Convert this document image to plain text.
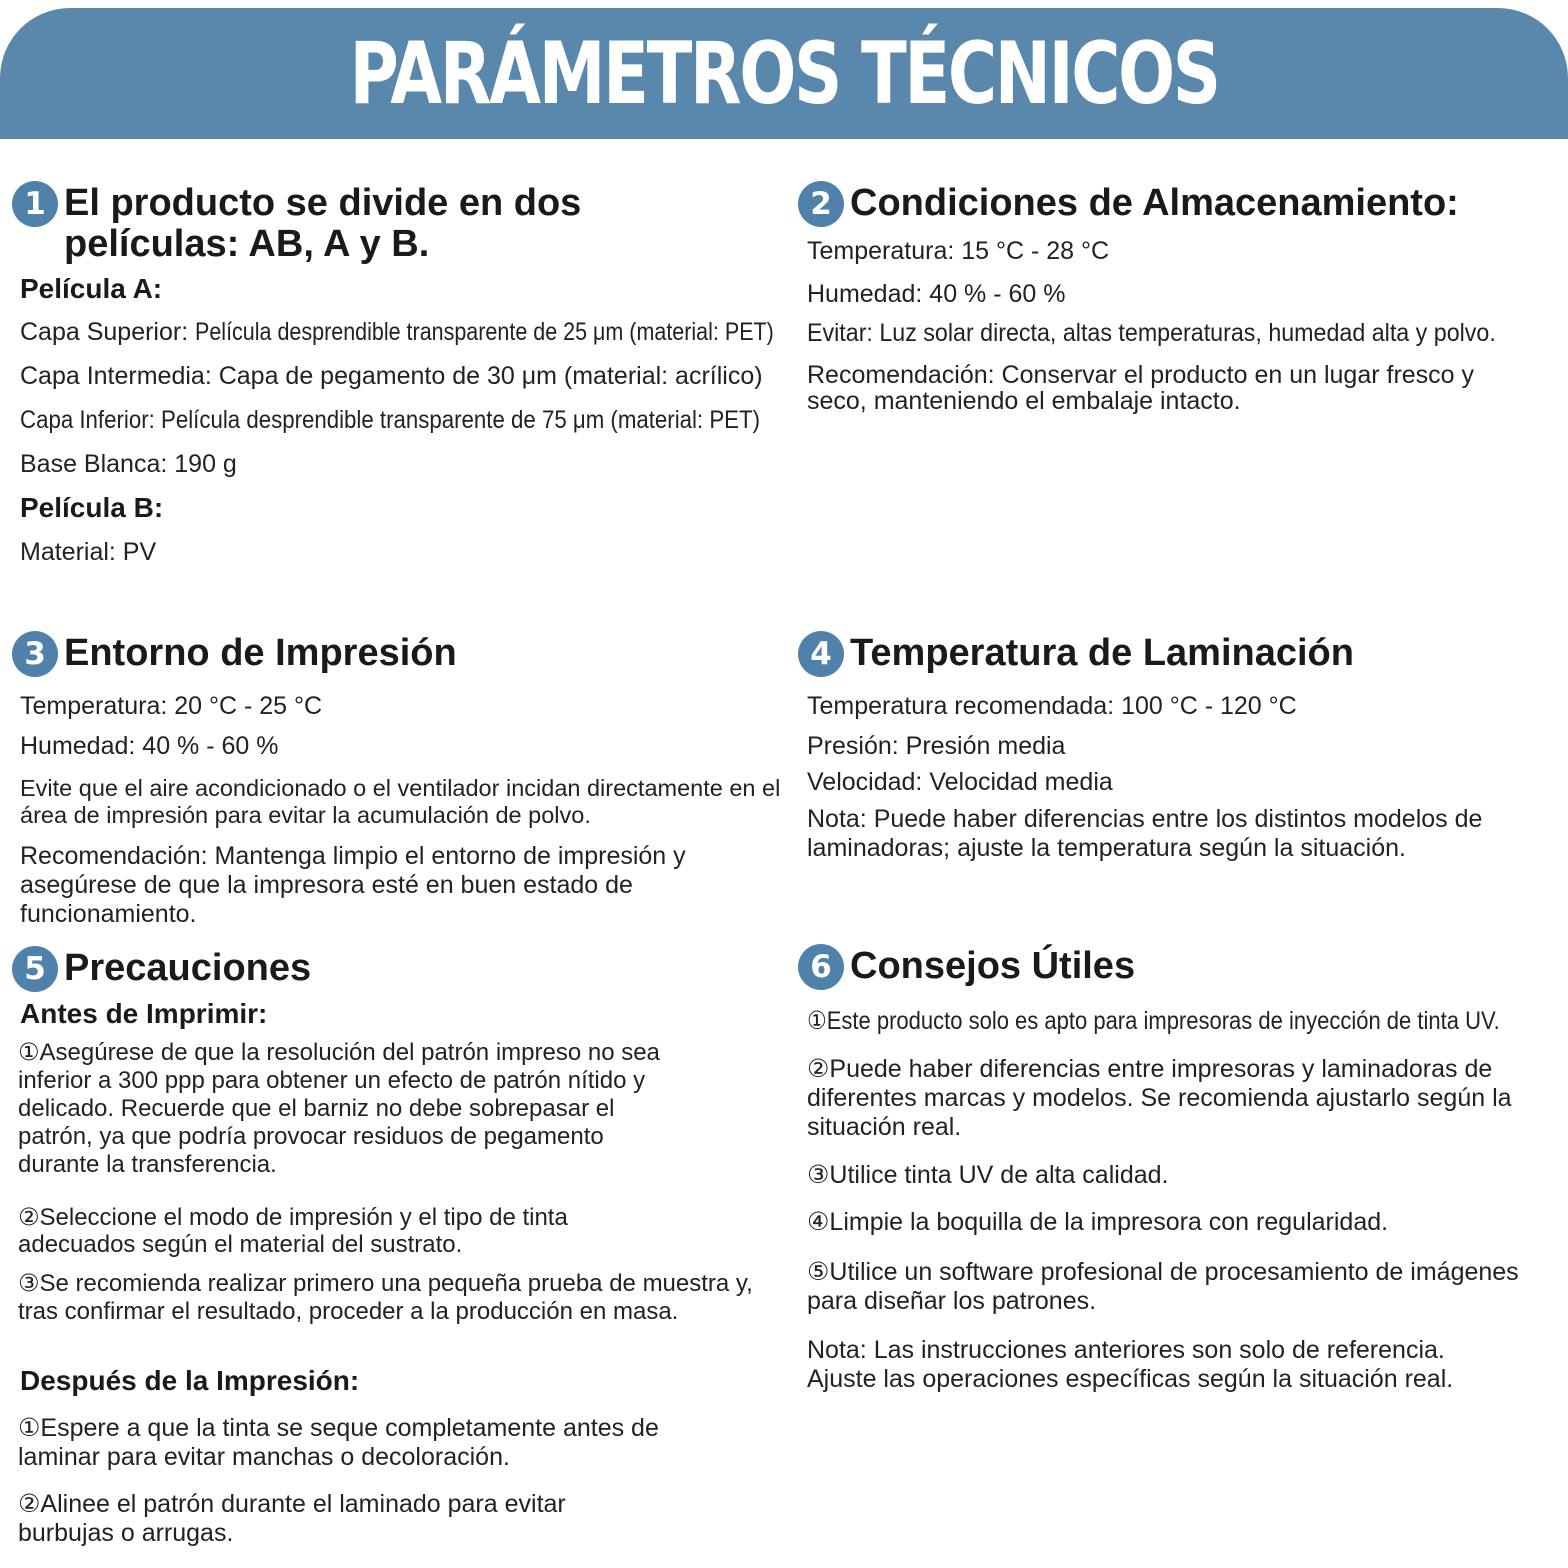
PARÁMETROS TÉCNICOS
1 El producto se divide en dos películas: AB, A y B.
Película A:
Capa Superior: Película desprendible transparente de 25 μm (material: PET)
Capa Intermedia: Capa de pegamento de 30 μm (material: acrílico)
Capa Inferior: Película desprendible transparente de 75 μm (material: PET)
Base Blanca: 190 g
Película B:
Material: PV
2 Condiciones de Almacenamiento:
Temperatura: 15 °C - 28 °C
Humedad: 40 % - 60 %
Evitar: Luz solar directa, altas temperaturas, humedad alta y polvo.
Recomendación: Conservar el producto en un lugar fresco y seco, manteniendo el embalaje intacto.
3 Entorno de Impresión
Temperatura: 20 °C - 25 °C
Humedad: 40 % - 60 %
Evite que el aire acondicionado o el ventilador incidan directamente en el área de impresión para evitar la acumulación de polvo.
Recomendación: Mantenga limpio el entorno de impresión y asegúrese de que la impresora esté en buen estado de funcionamiento.
4 Temperatura de Laminación
Temperatura recomendada: 100 °C - 120 °C
Presión: Presión media
Velocidad: Velocidad media
Nota: Puede haber diferencias entre los distintos modelos de laminadoras; ajuste la temperatura según la situación.
5 Precauciones
Antes de Imprimir:
①Asegúrese de que la resolución del patrón impreso no sea inferior a 300 ppp para obtener un efecto de patrón nítido y delicado. Recuerde que el barniz no debe sobrepasar el patrón, ya que podría provocar residuos de pegamento durante la transferencia.
②Seleccione el modo de impresión y el tipo de tinta adecuados según el material del sustrato.
③Se recomienda realizar primero una pequeña prueba de muestra y, tras confirmar el resultado, proceder a la producción en masa.
Después de la Impresión:
①Espere a que la tinta se seque completamente antes de laminar para evitar manchas o decoloración.
②Alinee el patrón durante el laminado para evitar burbujas o arrugas.
6 Consejos Útiles
①Este producto solo es apto para impresoras de inyección de tinta UV.
②Puede haber diferencias entre impresoras y laminadoras de diferentes marcas y modelos. Se recomienda ajustarlo según la situación real.
③Utilice tinta UV de alta calidad.
④Limpie la boquilla de la impresora con regularidad.
⑤Utilice un software profesional de procesamiento de imágenes para diseñar los patrones.
Nota: Las instrucciones anteriores son solo de referencia. Ajuste las operaciones específicas según la situación real.
